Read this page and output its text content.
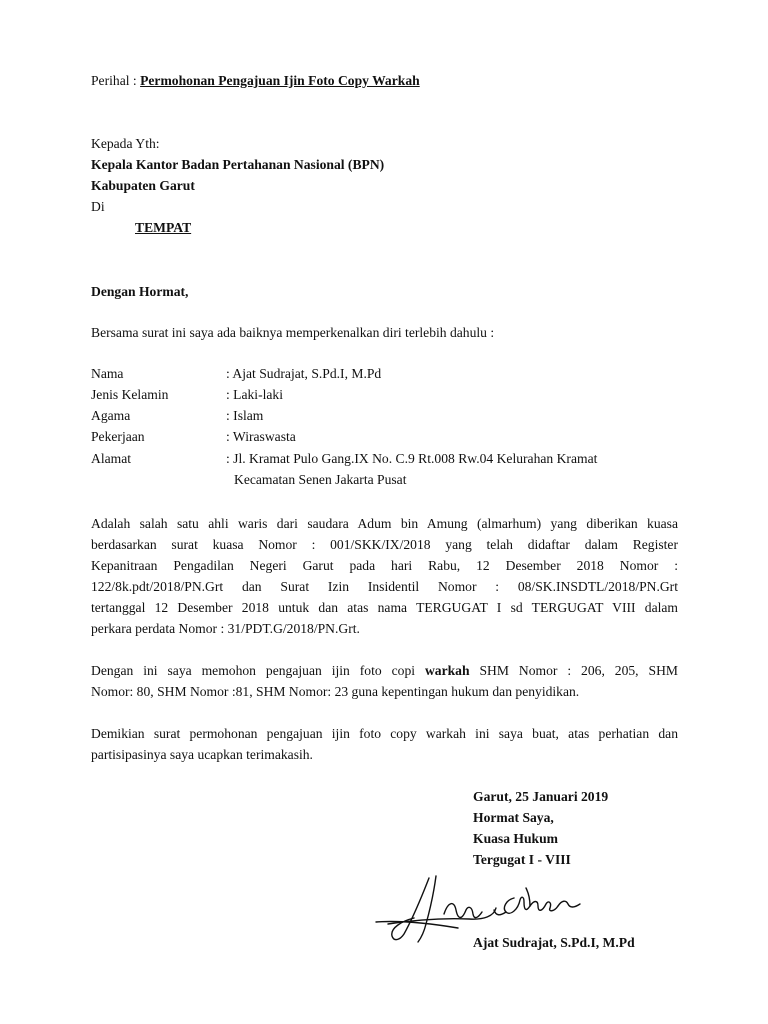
Perihal : Permohonan Pengajuan Ijin Foto Copy Warkah
Kepada Yth:
Kepala Kantor Badan Pertahanan Nasional (BPN)
Kabupaten Garut
Di
TEMPAT
Dengan Hormat,
Bersama surat ini saya ada baiknya memperkenalkan diri terlebih dahulu :
Nama	: Ajat Sudrajat, S.Pd.I, M.Pd
Jenis Kelamin	: Laki-laki
Agama	: Islam
Pekerjaan	: Wiraswasta
Alamat	: Jl. Kramat Pulo Gang.IX No. C.9 Rt.008 Rw.04 Kelurahan Kramat
Kecamatan Senen Jakarta Pusat
Adalah salah satu ahli waris dari saudara Adum bin Amung (almarhum) yang diberikan kuasa
berdasarkan surat kuasa Nomor : 001/SKK/IX/2018 yang telah didaftar dalam Register
Kepanitraan Pengadilan Negeri Garut pada hari Rabu, 12 Desember 2018 Nomor :
122/8k.pdt/2018/PN.Grt dan Surat Izin Insidentil Nomor : 08/SK.INSDTL/2018/PN.Grt
tertanggal 12 Desember 2018 untuk dan atas nama TERGUGAT I sd TERGUGAT VIII dalam
perkara perdata Nomor : 31/PDT.G/2018/PN.Grt.
Dengan ini saya memohon pengajuan ijin foto copi warkah SHM Nomor : 206, 205, SHM
Nomor: 80, SHM Nomor :81, SHM Nomor: 23 guna kepentingan hukum dan penyidikan.
Demikian surat permohonan pengajuan ijin foto copy warkah ini saya buat, atas perhatian dan
partisipasinya saya ucapkan terimakasih.
Garut, 25 Januari 2019
Hormat Saya,
Kuasa Hukum
Tergugat I - VIII
Ajat Sudrajat, S.Pd.I, M.Pd
